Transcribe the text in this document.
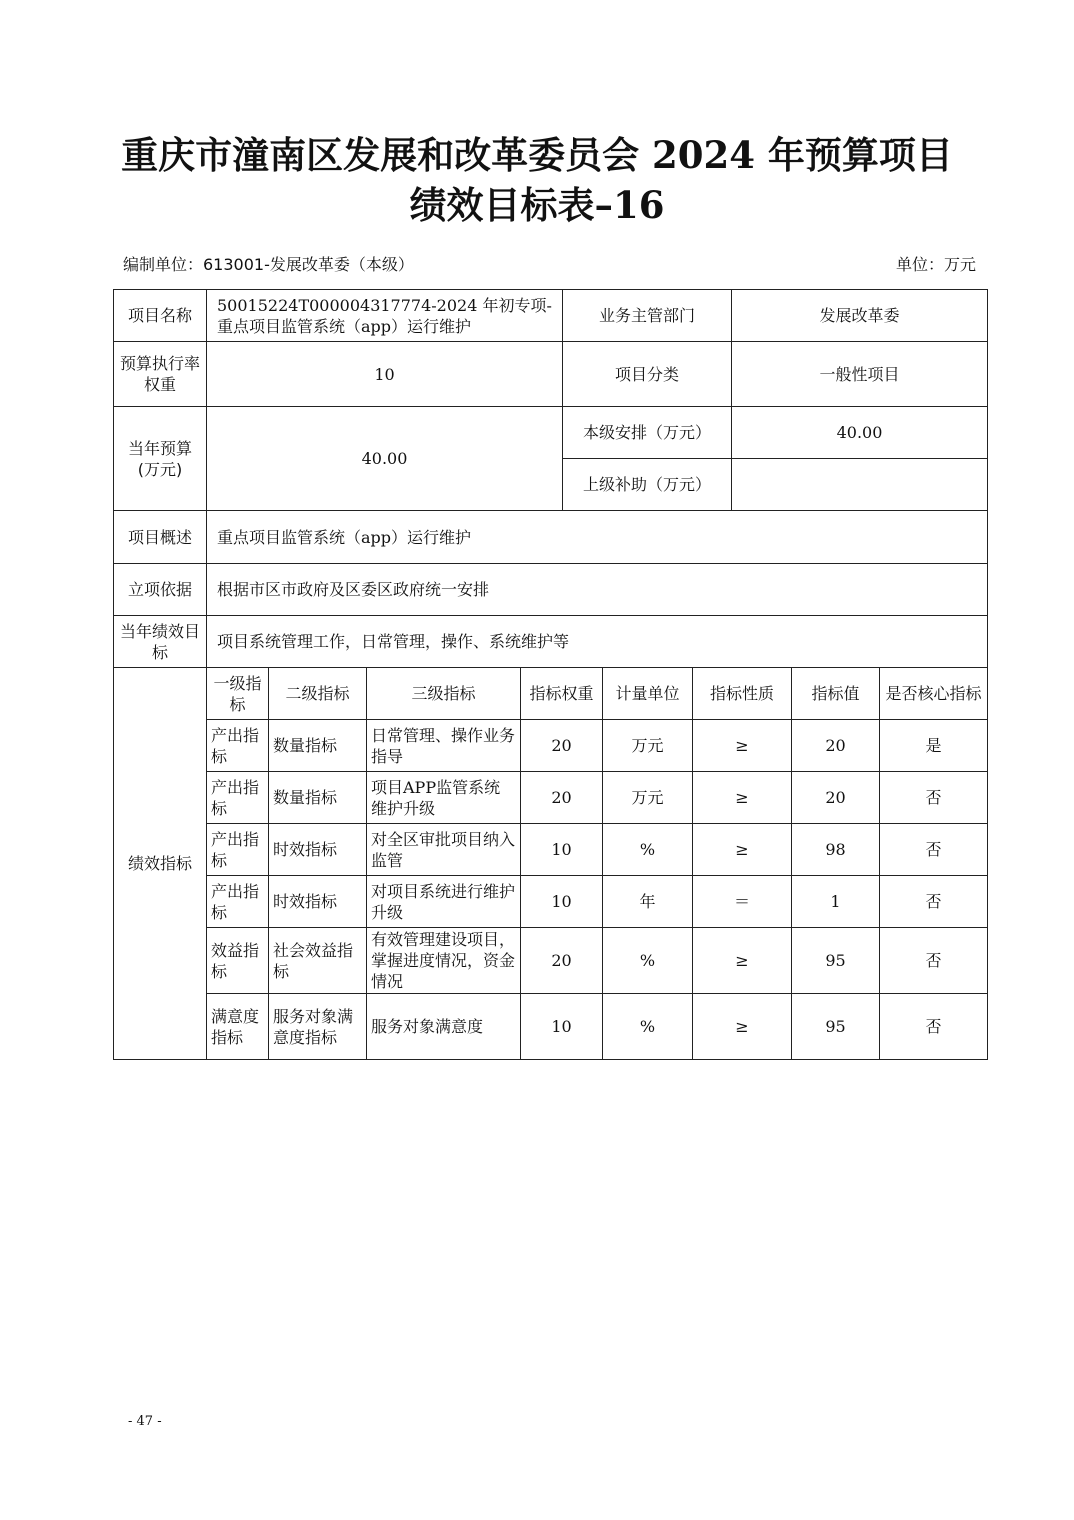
重庆市潼南区发展和改革委员会 2024 年预算项目
绩效目标表–16
编制单位：613001-发展改革委（本级）	单位：万元
项目名称	50015224T000004317774-2024 年初专项-重点项目监管系统（app）运行维护	业务主管部门	发展改革委
预算执行率权重	10	项目分类	一般性项目
当年预算(万元)	40.00	本级安排（万元）	40.00
		上级补助（万元）	
项目概述	重点项目监管系统（app）运行维护		
立项依据	根据市区市政府及区委区政府统一安排		
当年绩效目标	项目系统管理工作，日常管理，操作、系统维护等		
绩效指标	一级指标	二级指标	三级指标	指标权重	计量单位	指标性质	指标值	是否核心指标
	产出指标	数量指标	日常管理、操作业务指导	20	万元	≥	20	是
	产出指标	数量指标	项目APP监管系统维护升级	20	万元	≥	20	否
	产出指标	时效指标	对全区审批项目纳入监管	10	%	≥	98	否
	产出指标	时效指标	对项目系统进行维护升级	10	年	＝	1	否
	效益指标	社会效益指标	有效管理建设项目，掌握进度情况，资金情况	20	%	≥	95	否
	满意度指标	服务对象满意度指标	服务对象满意度	10	%	≥	95	否
- 47 -
